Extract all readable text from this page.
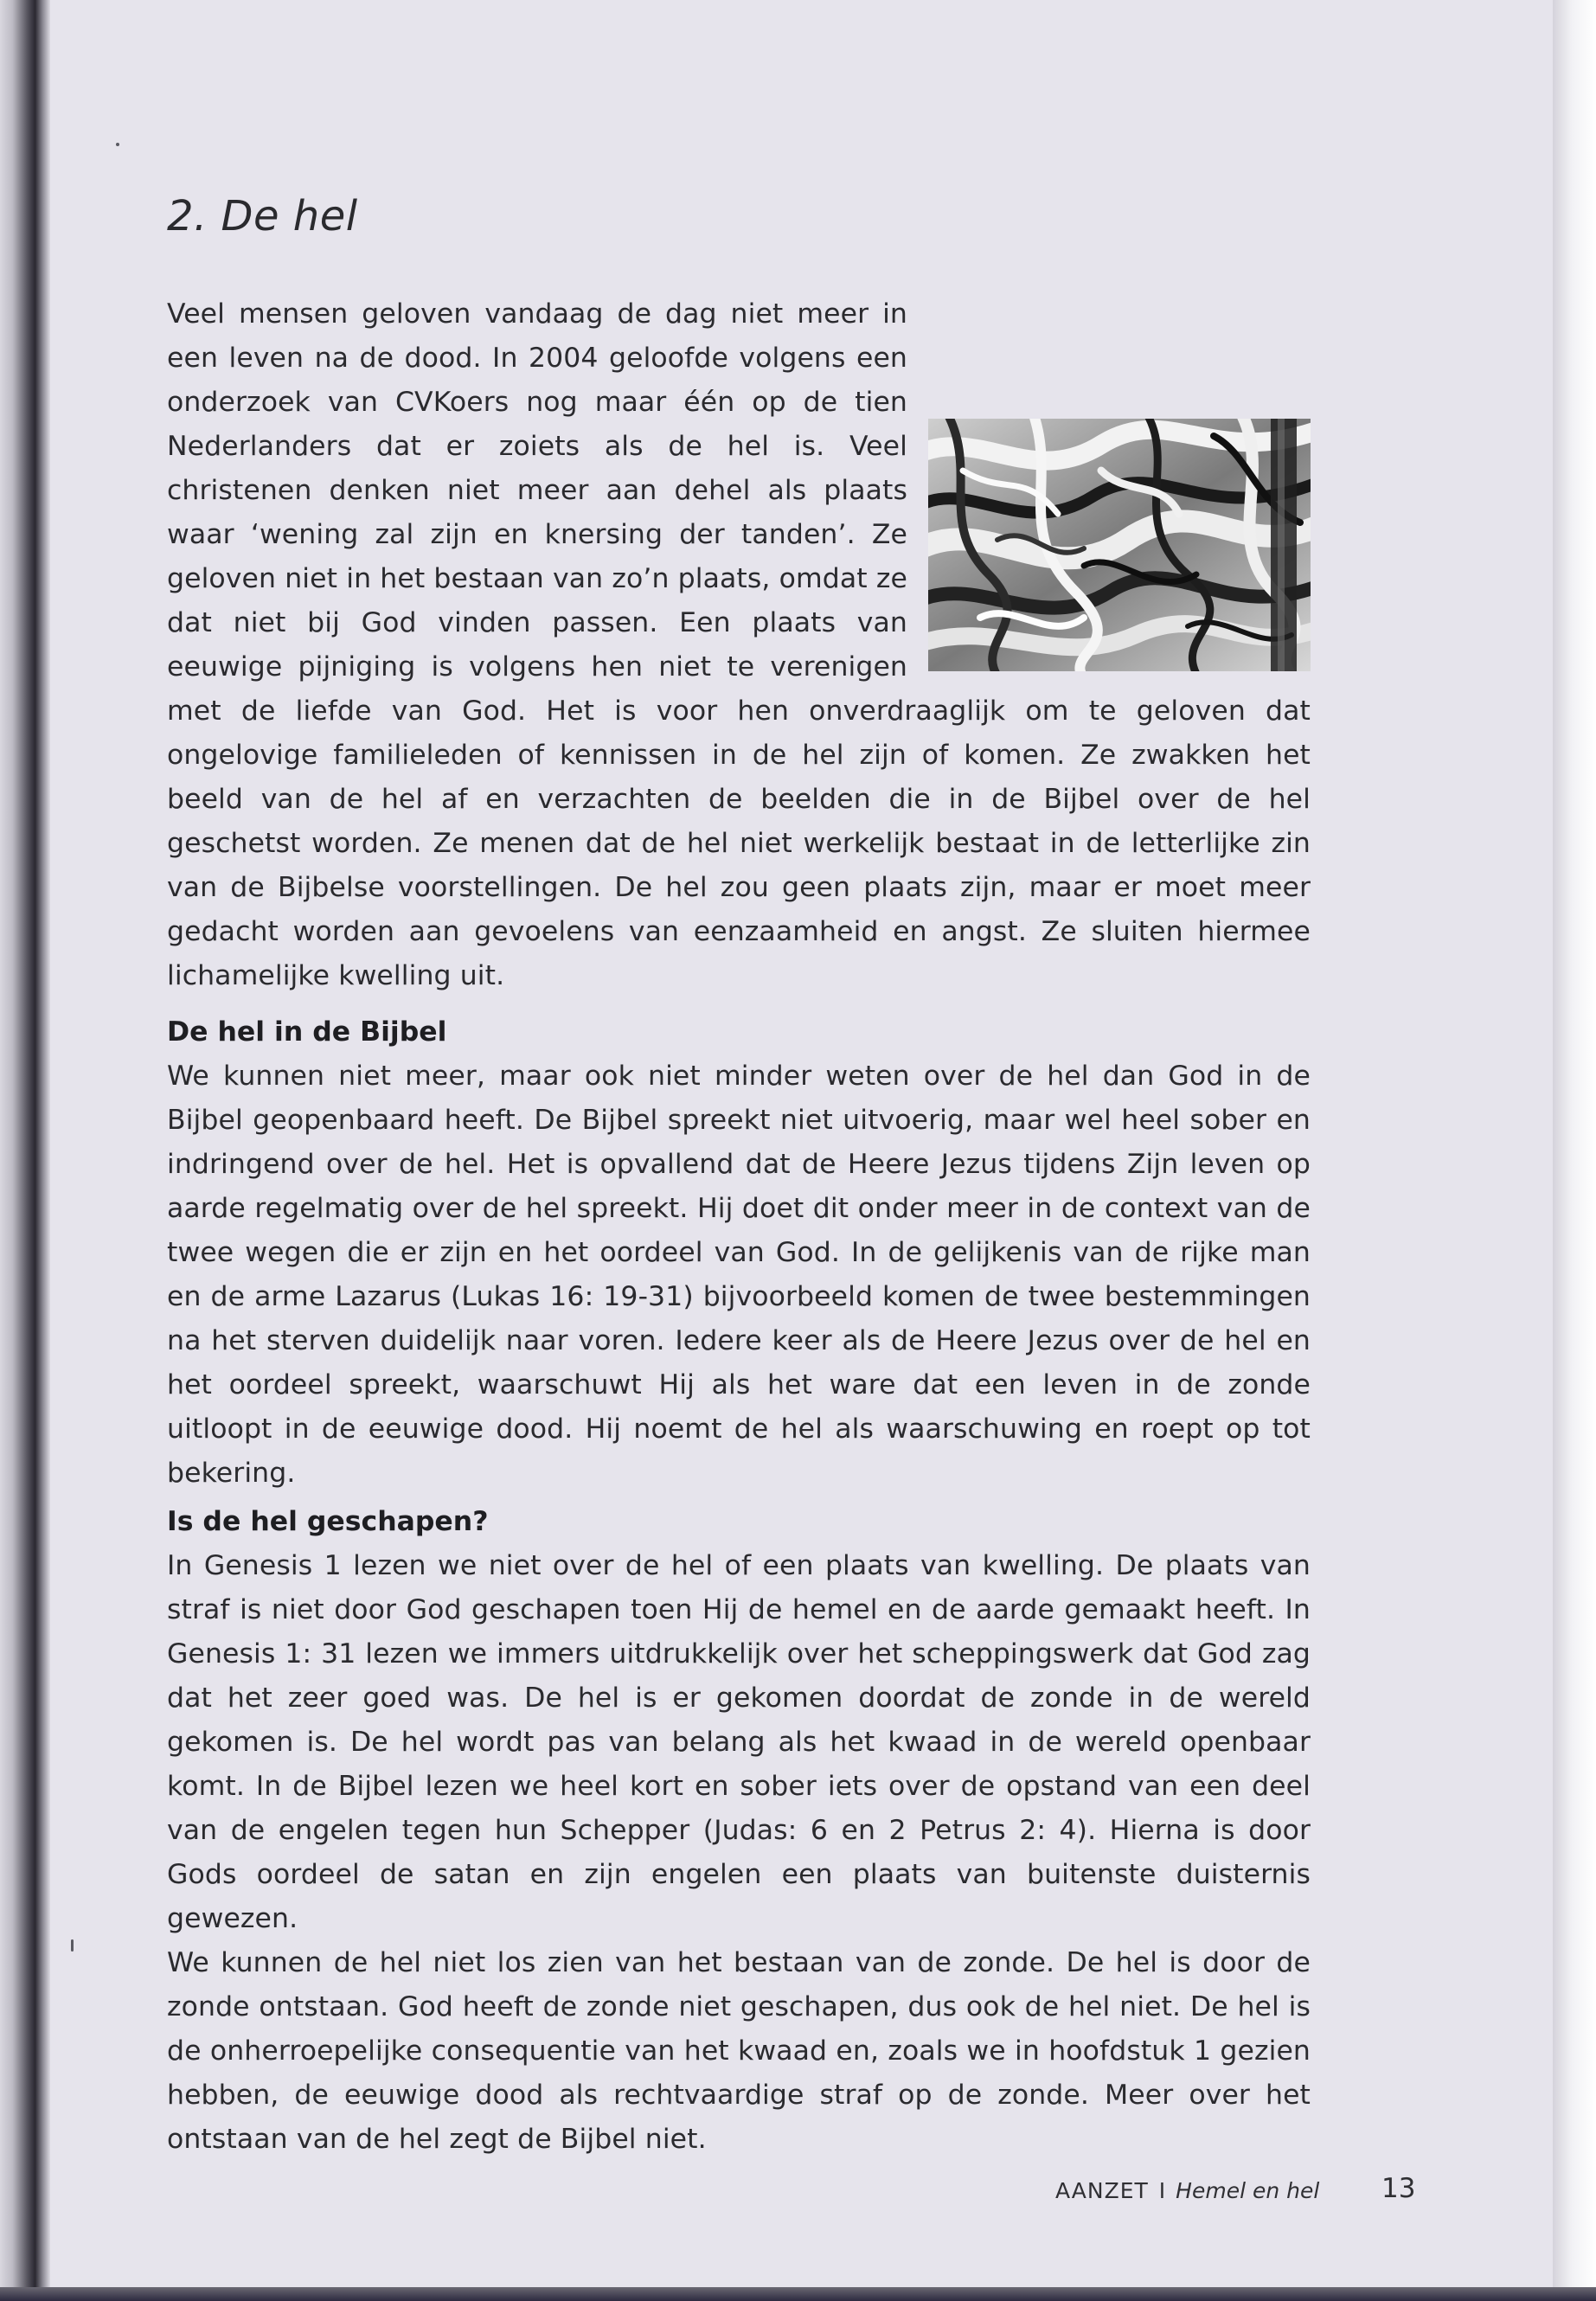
2. De hel
Veel mensen geloven vandaag de dag niet meer in een leven na de dood. In 2004 geloofde volgens een onderzoek van CVKoers nog maar één op de tien Nederlanders dat er zoiets als de hel is. Veel christenen denken niet meer aan dehel als plaats waar ‘wening zal zijn en knersing der tanden’. Ze geloven niet in het bestaan van zo’n plaats, omdat ze dat niet bij God vinden passen. Een plaats van eeuwige pijniging is volgens hen niet te verenigen met de liefde van God. Het is voor hen onverdraaglijk om te geloven dat ongelovige familieleden of kennissen in de hel zijn of komen. Ze zwakken het beeld van de hel af en verzachten de beelden die in de Bijbel over de hel geschetst worden. Ze menen dat de hel niet werkelijk bestaat in de letterlijke zin van de Bijbelse voorstellingen. De hel zou geen plaats zijn, maar er moet meer gedacht worden aan gevoelens van eenzaamheid en angst. Ze sluiten hiermee lichamelijke kwelling uit.
De hel in de Bijbel

We kunnen niet meer, maar ook niet minder weten over de hel dan God in de Bijbel geopenbaard heeft. De Bijbel spreekt niet uitvoerig, maar wel heel sober en indringend over de hel. Het is opvallend dat de Heere Jezus tijdens Zijn leven op aarde regelmatig over de hel spreekt. Hij doet dit onder meer in de context van de twee wegen die er zijn en het oordeel van God. In de gelijkenis van de rijke man en de arme Lazarus (Lukas 16: 19-31) bijvoorbeeld komen de twee bestemmingen na het sterven duidelijk naar voren. Iedere keer als de Heere Jezus over de hel en het oordeel spreekt, waarschuwt Hij als het ware dat een leven in de zonde uitloopt in de eeuwige dood. Hij noemt de hel als waarschuwing en roept op tot bekering.

Is de hel geschapen?
In Genesis 1 lezen we niet over de hel of een plaats van kwelling. De plaats van straf is niet door God geschapen toen Hij de hemel en de aarde gemaakt heeft. In Genesis 1: 31 lezen we immers uitdrukkelijk over het scheppingswerk dat God zag dat het zeer goed was. De hel is er gekomen doordat de zonde in de wereld gekomen is. De hel wordt pas van belang als het kwaad in de wereld openbaar komt. In de Bijbel lezen we heel kort en sober iets over de opstand van een deel van de engelen tegen hun Schepper (Judas: 6 en 2 Petrus 2: 4). Hierna is door Gods oordeel de satan en zijn engelen een plaats van buitenste duisternis gewezen.
We kunnen de hel niet los zien van het bestaan van de zonde. De hel is door de zonde ontstaan. God heeft de zonde niet geschapen, dus ook de hel niet. De hel is de onherroepelijke consequentie van het kwaad en, zoals we in hoofdstuk 1 gezien hebben, de eeuwige dood als rechtvaardige straf op de zonde. Meer over het ontstaan van de hel zegt de Bijbel niet.
AANZET I Hemel en hel 13
